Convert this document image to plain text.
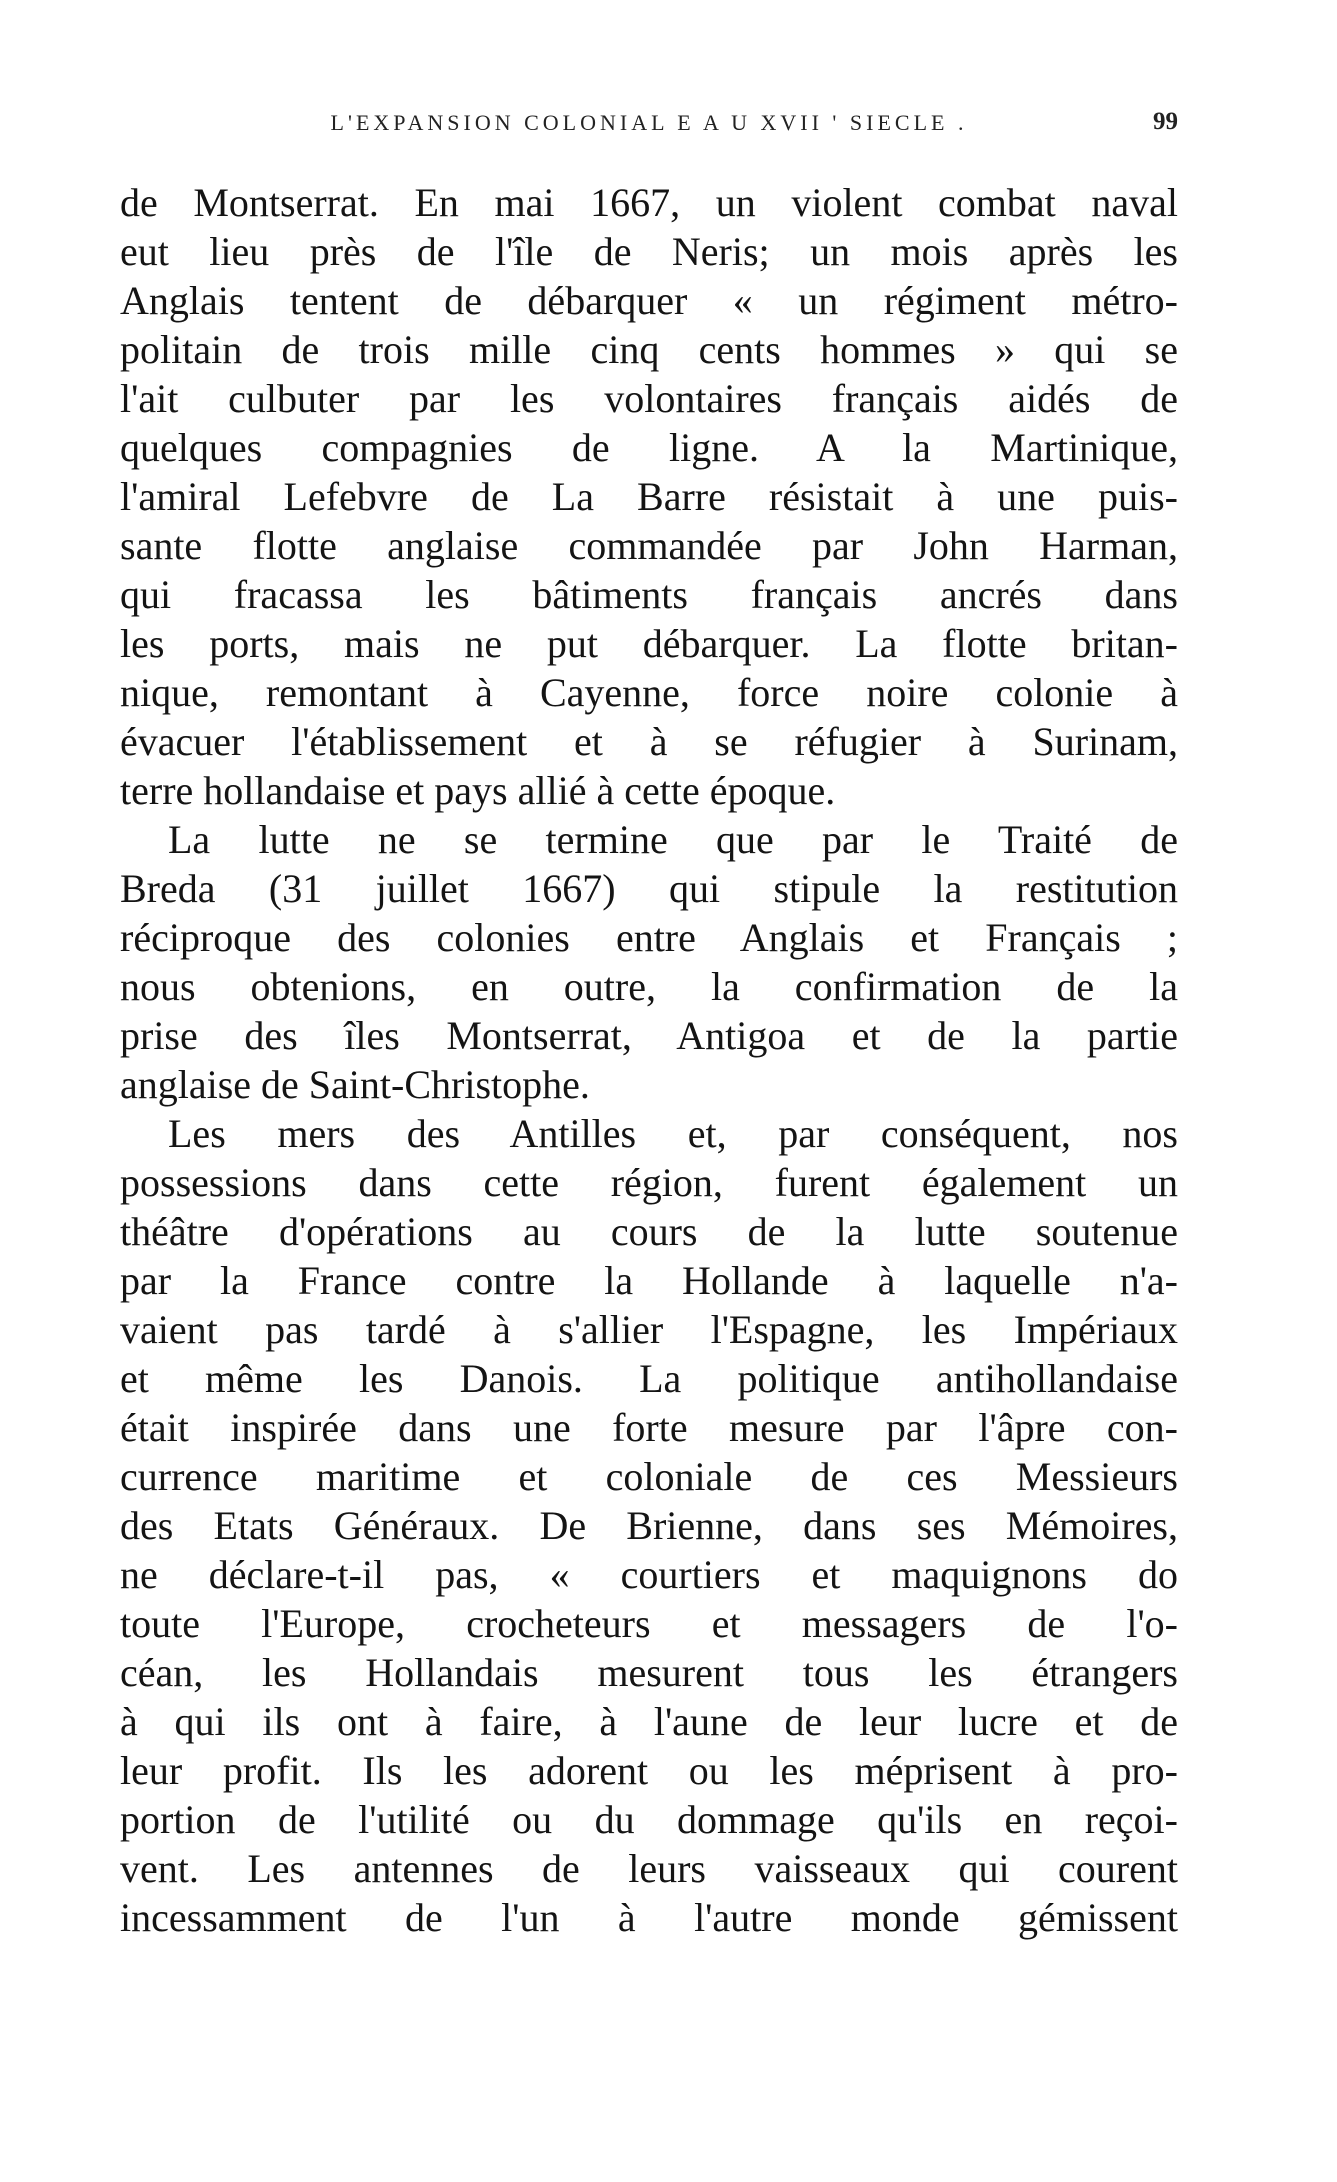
L'EXPANSION COLONIAL E A U XVII ' SIECLE .	99
de Montserrat. En mai 1667, un violent combat naval
eut lieu près de l'île de Neris; un mois après les
Anglais tentent de débarquer « un régiment métro-
politain de trois mille cinq cents hommes » qui se
l'ait culbuter par les volontaires français aidés de
quelques compagnies de ligne. A la Martinique,
l'amiral Lefebvre de La Barre résistait à une puis-
sante flotte anglaise commandée par John Harman,
qui fracassa les bâtiments français ancrés dans
les ports, mais ne put débarquer. La flotte britan-
nique, remontant à Cayenne, force noire colonie à
évacuer l'établissement et à se réfugier à Surinam,
terre hollandaise et pays allié à cette époque.
La lutte ne se termine que par le Traité de
Breda (31 juillet 1667) qui stipule la restitution
réciproque des colonies entre Anglais et Français ;
nous obtenions, en outre, la confirmation de la
prise des îles Montserrat, Antigoa et de la partie
anglaise de Saint-Christophe.
Les mers des Antilles et, par conséquent, nos
possessions dans cette région, furent également un
théâtre d'opérations au cours de la lutte soutenue
par la France contre la Hollande à laquelle n'a-
vaient pas tardé à s'allier l'Espagne, les Impériaux
et même les Danois. La politique antihollandaise
était inspirée dans une forte mesure par l'âpre con-
currence maritime et coloniale de ces Messieurs
des Etats Généraux. De Brienne, dans ses Mémoires,
ne déclare-t-il pas, « courtiers et maquignons do
toute l'Europe, crocheteurs et messagers de l'o-
céan, les Hollandais mesurent tous les étrangers
à qui ils ont à faire, à l'aune de leur lucre et de
leur profit. Ils les adorent ou les méprisent à pro-
portion de l'utilité ou du dommage qu'ils en reçoi-
vent. Les antennes de leurs vaisseaux qui courent
incessamment de l'un à l'autre monde gémissent
